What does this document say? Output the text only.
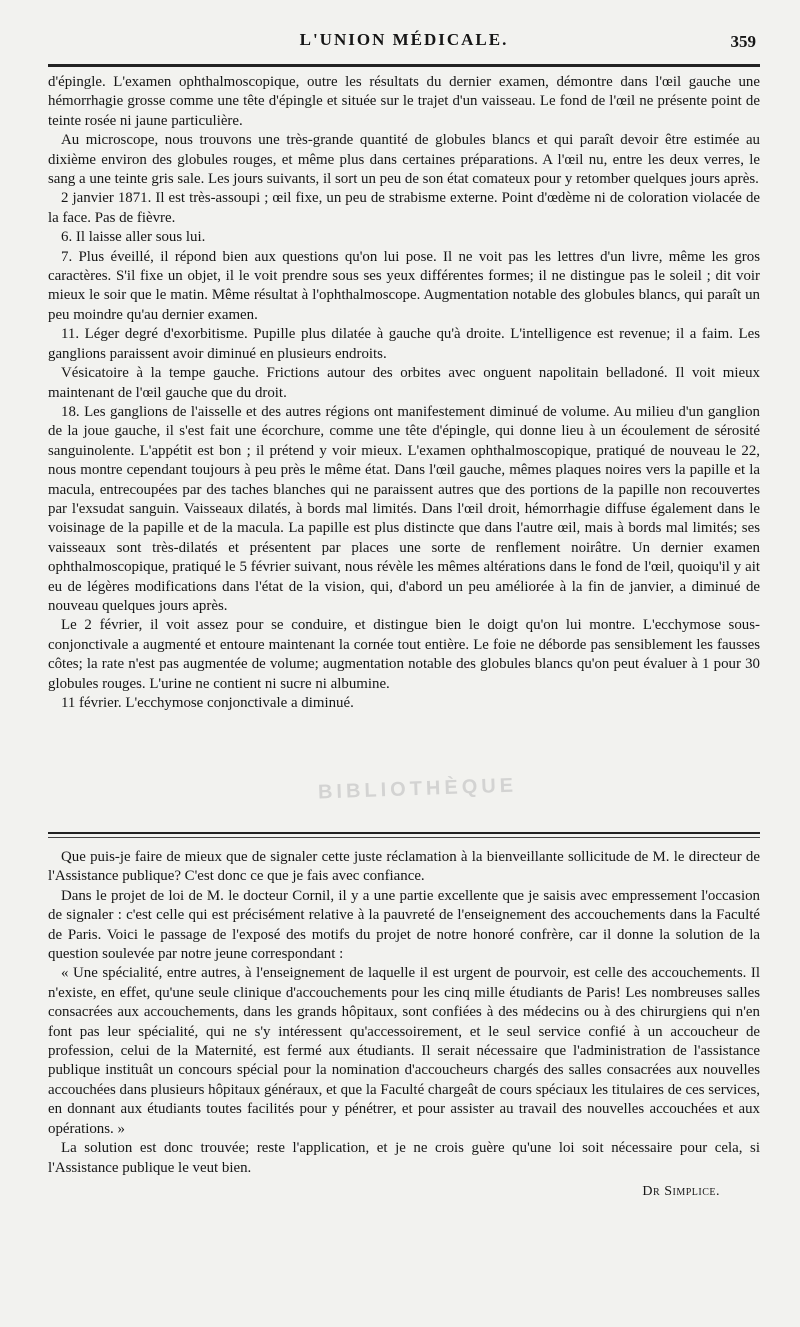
L'UNION MÉDICALE.	359

d'épingle. L'examen ophthalmoscopique, outre les résultats du dernier examen, démontre dans l'œil gauche une hémorrhagie grosse comme une tête d'épingle et située sur le trajet d'un vaisseau. Le fond de l'œil ne présente point de teinte rosée ni jaune particulière.

Au microscope, nous trouvons une très-grande quantité de globules blancs et qui paraît devoir être estimée au dixième environ des globules rouges, et même plus dans certaines préparations. A l'œil nu, entre les deux verres, le sang a une teinte gris sale. Les jours suivants, il sort un peu de son état comateux pour y retomber quelques jours après.

2 janvier 1871. Il est très-assoupi ; œil fixe, un peu de strabisme externe. Point d'œdème ni de coloration violacée de la face. Pas de fièvre.

6. Il laisse aller sous lui.

7. Plus éveillé, il répond bien aux questions qu'on lui pose. Il ne voit pas les lettres d'un livre, même les gros caractères. S'il fixe un objet, il le voit prendre sous ses yeux différentes formes; il ne distingue pas le soleil ; dit voir mieux le soir que le matin. Même résultat à l'ophthalmoscope. Augmentation notable des globules blancs, qui paraît un peu moindre qu'au dernier examen.

11. Léger degré d'exorbitisme. Pupille plus dilatée à gauche qu'à droite. L'intelligence est revenue; il a faim. Les ganglions paraissent avoir diminué en plusieurs endroits.

Vésicatoire à la tempe gauche. Frictions autour des orbites avec onguent napolitain belladoné. Il voit mieux maintenant de l'œil gauche que du droit.

18. Les ganglions de l'aisselle et des autres régions ont manifestement diminué de volume. Au milieu d'un ganglion de la joue gauche, il s'est fait une écorchure, comme une tête d'épingle, qui donne lieu à un écoulement de sérosité sanguinolente. L'appétit est bon ; il prétend y voir mieux. L'examen ophthalmoscopique, pratiqué de nouveau le 22, nous montre cependant toujours à peu près le même état. Dans l'œil gauche, mêmes plaques noires vers la papille et la macula, entrecoupées par des taches blanches qui ne paraissent autres que des portions de la papille non recouvertes par l'exsudat sanguin. Vaisseaux dilatés, à bords mal limités. Dans l'œil droit, hémorrhagie diffuse également dans le voisinage de la papille et de la macula. La papille est plus distincte que dans l'autre œil, mais à bords mal limités; ses vaisseaux sont très-dilatés et présentent par places une sorte de renflement noirâtre. Un dernier examen ophthalmoscopique, pratiqué le 5 février suivant, nous révèle les mêmes altérations dans le fond de l'œil, quoiqu'il y ait eu de légères modifications dans l'état de la vision, qui, d'abord un peu améliorée à la fin de janvier, a diminué de nouveau quelques jours après.

Le 2 février, il voit assez pour se conduire, et distingue bien le doigt qu'on lui montre. L'ecchymose sous-conjonctivale a augmenté et entoure maintenant la cornée tout entière. Le foie ne déborde pas sensiblement les fausses côtes; la rate n'est pas augmentée de volume; augmentation notable des globules blancs qu'on peut évaluer à 1 pour 30 globules rouges. L'urine ne contient ni sucre ni albumine.

11 février. L'ecchymose conjonctivale a diminué.

BIBLIOTHÈQUE

Que puis-je faire de mieux que de signaler cette juste réclamation à la bienveillante sollicitude de M. le directeur de l'Assistance publique? C'est donc ce que je fais avec confiance.

Dans le projet de loi de M. le docteur Cornil, il y a une partie excellente que je saisis avec empressement l'occasion de signaler : c'est celle qui est précisément relative à la pauvreté de l'enseignement des accouchements dans la Faculté de Paris. Voici le passage de l'exposé des motifs du projet de notre honoré confrère, car il donne la solution de la question soulevée par notre jeune correspondant :

« Une spécialité, entre autres, à l'enseignement de laquelle il est urgent de pourvoir, est celle des accouchements. Il n'existe, en effet, qu'une seule clinique d'accouchements pour les cinq mille étudiants de Paris! Les nombreuses salles consacrées aux accouchements, dans les grands hôpitaux, sont confiées à des médecins ou à des chirurgiens qui n'en font pas leur spécialité, qui ne s'y intéressent qu'accessoirement, et le seul service confié à un accoucheur de profession, celui de la Maternité, est fermé aux étudiants. Il serait nécessaire que l'administration de l'assistance publique instituât un concours spécial pour la nomination d'accoucheurs chargés des salles consacrées aux nouvelles accouchées dans plusieurs hôpitaux généraux, et que la Faculté chargeât de cours spéciaux les titulaires de ces services, en donnant aux étudiants toutes facilités pour y pénétrer, et pour assister au travail des nouvelles accouchées et aux opérations. »

La solution est donc trouvée; reste l'application, et je ne crois guère qu'une loi soit nécessaire pour cela, si l'Assistance publique le veut bien.

Dr Simplice.
